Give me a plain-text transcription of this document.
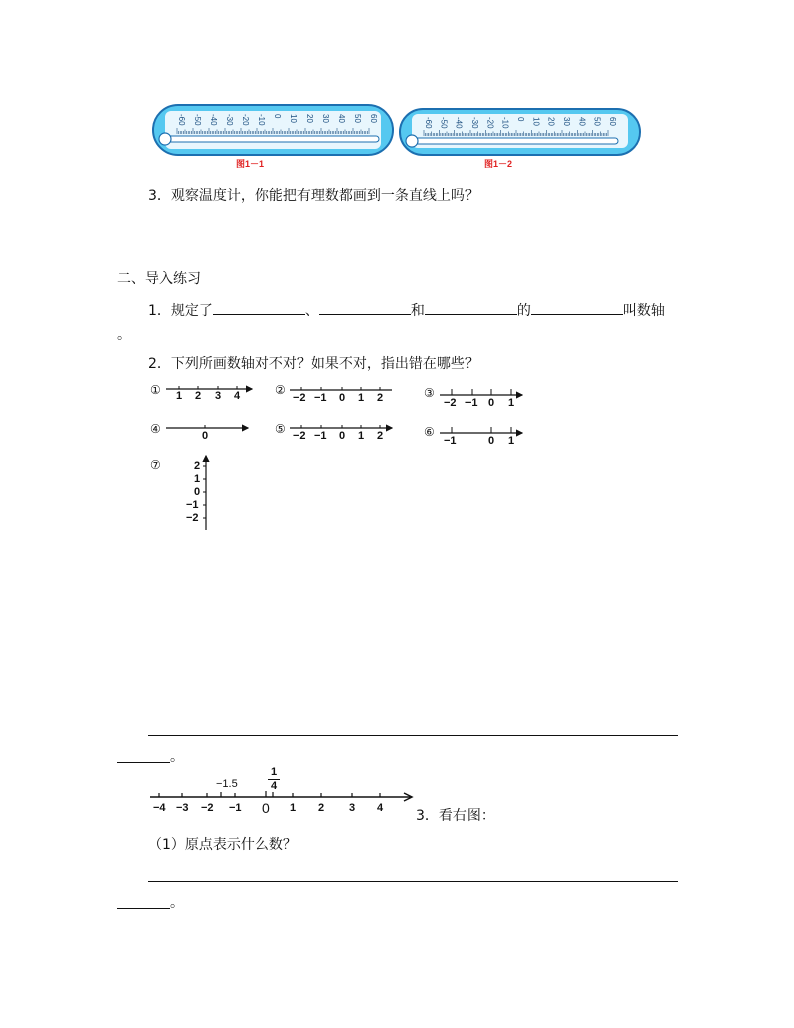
-60 -50 -40 -30 -20 -10 0 10 20 30 40 50 60
图1－1
-60 -50 -40 -30 -20 -10 0 10 20 30 40 50 60
图1－2
3．观察温度计，你能把有理数都画到一条直线上吗？
二、导入练习
1．规定了	、	和	的	叫数轴
。
2．下列所画数轴对不对？如果不对，指出错在哪些？
①	②	③
④	⑤	⑥
⑦
1 2 3 4	−2 −1 0 1 2	−2 −1 0 1
0	−2 −1 0 1 2	−1	0 1
2
1
0
−1
−2
。
−4 −3 −2 −1 0 1 2 3 4
−1.5
1
4
3．看右图：
（1）原点表示什么数？
。
